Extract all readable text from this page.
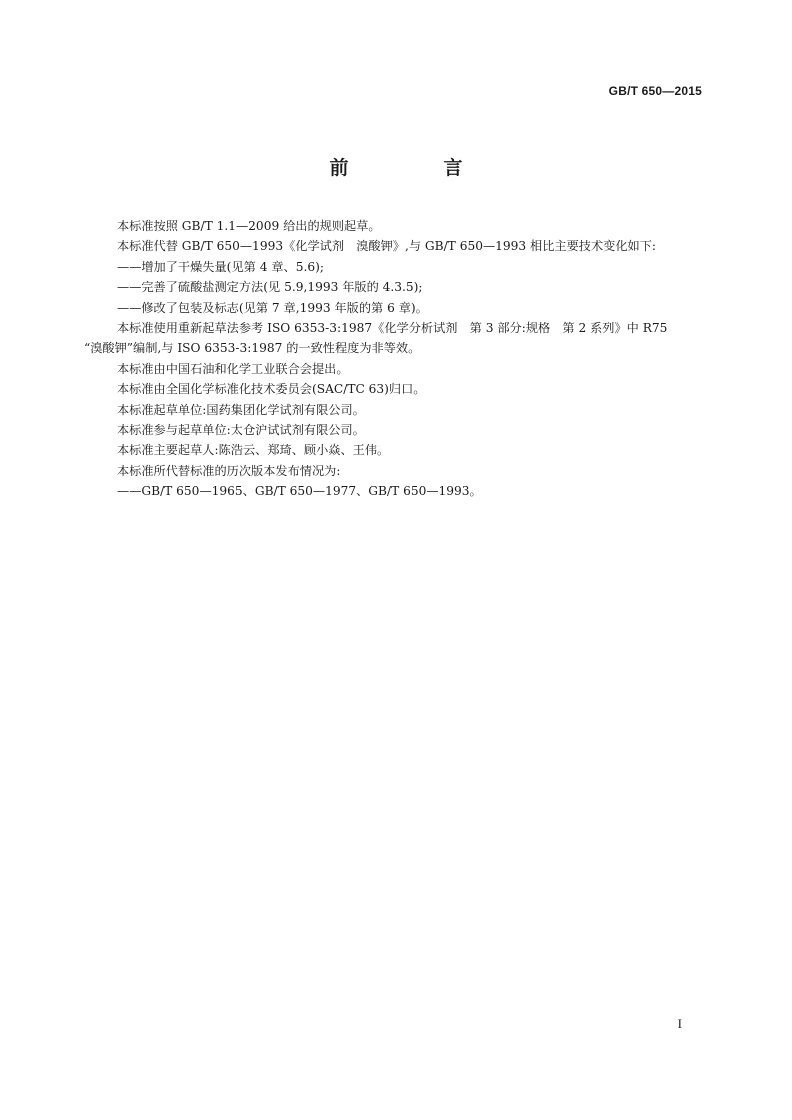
GB/T 650—2015
前　言

本标准按照 GB/T 1.1—2009 给出的规则起草。

本标准代替 GB/T 650—1993《化学试剂　溴酸钾》,与 GB/T 650—1993 相比主要技术变化如下:

——增加了干燥失量(见第 4 章、5.6);

——完善了硫酸盐测定方法(见 5.9,1993 年版的 4.3.5);

——修改了包装及标志(见第 7 章,1993 年版的第 6 章)。

本标准使用重新起草法参考 ISO 6353-3:1987《化学分析试剂　第 3 部分:规格　第 2 系列》中 R75

“溴酸钾”编制,与 ISO 6353-3:1987 的一致性程度为非等效。

本标准由中国石油和化学工业联合会提出。

本标准由全国化学标准化技术委员会(SAC/TC 63)归口。

本标准起草单位:国药集团化学试剂有限公司。

本标准参与起草单位:太仓沪试试剂有限公司。

本标准主要起草人:陈浩云、郑琦、顾小焱、王伟。

本标准所代替标准的历次版本发布情况为:

——GB/T 650—1965、GB/T 650—1977、GB/T 650—1993。

I
